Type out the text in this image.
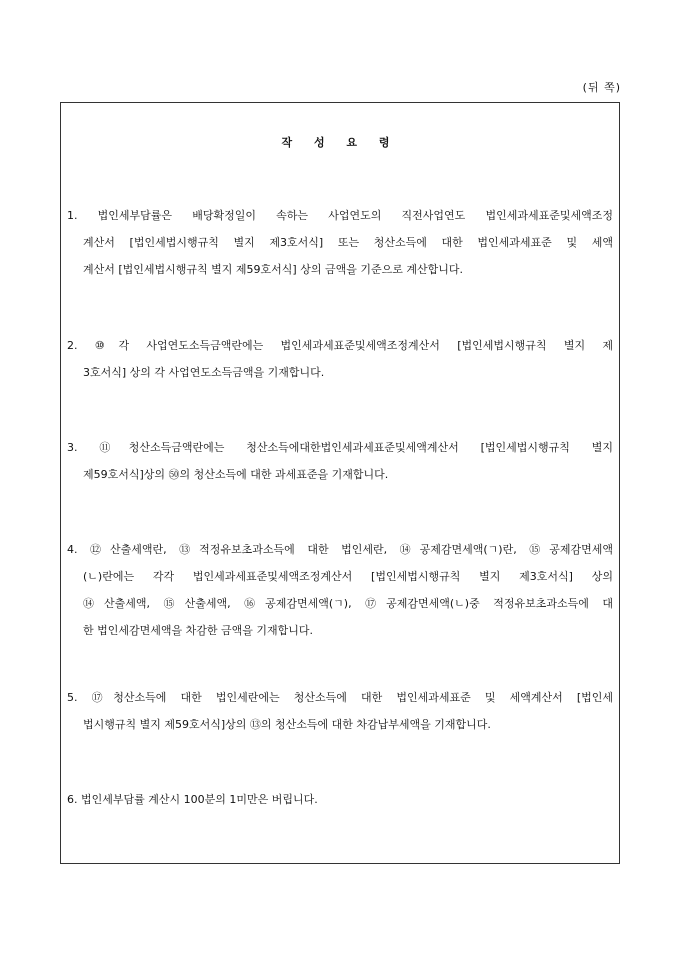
(뒤 쪽)
작 성 요 령
1. 법인세부담률은 배당확정일이 속하는 사업연도의 직전사업연도 법인세과세표준및세액조정
계산서 [법인세법시행규칙 별지 제3호서식] 또는 청산소득에 대한 법인세과세표준 및 세액
계산서 [법인세법시행규칙 별지 제59호서식] 상의 금액을 기준으로 계산합니다.
2. ⑩각 사업연도소득금액란에는 법인세과세표준및세액조정계산서 [법인세법시행규칙 별지 제
3호서식] 상의 각 사업연도소득금액을 기재합니다.
3. ⑪청산소득금액란에는 청산소득에대한법인세과세표준및세액계산서 [법인세법시행규칙 별지
제59호서식]상의 ㊿의 청산소득에 대한 과세표준을 기재합니다.
4. ⑫산출세액란, ⑬적정유보초과소득에 대한 법인세란, ⑭공제감면세액(ㄱ)란, ⑮공제감면세액
(ㄴ)란에는 각각 법인세과세표준및세액조정계산서 [법인세법시행규칙 별지 제3호서식] 상의
⑭산출세액, ⑮산출세액, ⑯공제감면세액(ㄱ), ⑰공제감면세액(ㄴ)중 적정유보초과소득에 대
한 법인세감면세액을 차감한 금액을 기재합니다.
5. ⑰청산소득에 대한 법인세란에는 청산소득에 대한 법인세과세표준 및 세액계산서 [법인세
법시행규칙 별지 제59호서식]상의 ⑬의 청산소득에 대한 차감납부세액을 기재합니다.
6. 법인세부담률 계산시 100분의 1미만은 버립니다.
